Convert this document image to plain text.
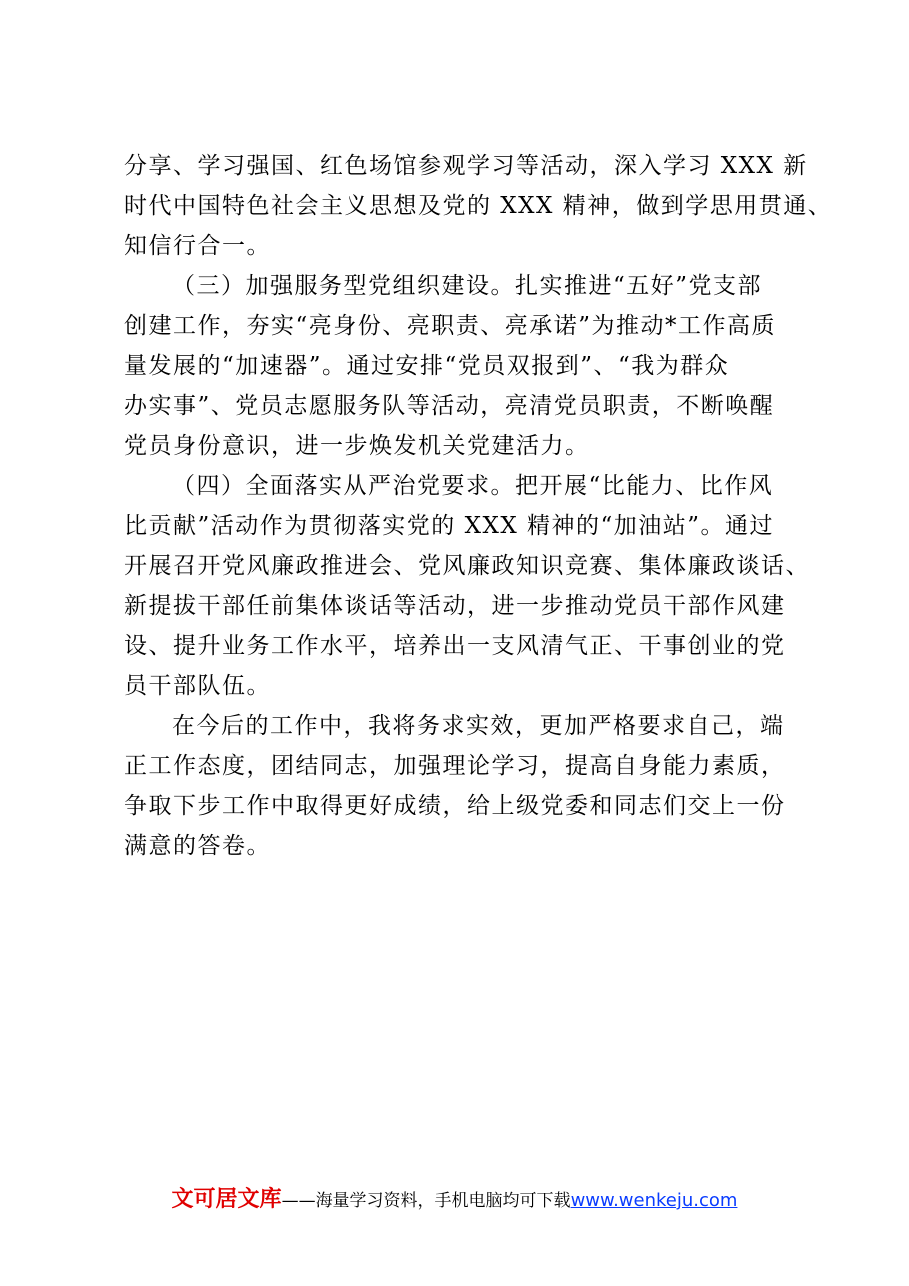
分享、学习强国、红色场馆参观学习等活动，深入学习 XXX 新
时代中国特色社会主义思想及党的 XXX 精神，做到学思用贯通、
知信行合一。
（三）加强服务型党组织建设。扎实推进“五好”党支部
创建工作，夯实“亮身份、亮职责、亮承诺”为推动*工作高质
量发展的“加速器”。通过安排“党员双报到”、“我为群众
办实事”、党员志愿服务队等活动，亮清党员职责，不断唤醒
党员身份意识，进一步焕发机关党建活力。
（四）全面落实从严治党要求。把开展“比能力、比作风
比贡献”活动作为贯彻落实党的 XXX 精神的“加油站”。通过
开展召开党风廉政推进会、党风廉政知识竞赛、集体廉政谈话、
新提拔干部任前集体谈话等活动，进一步推动党员干部作风建
设、提升业务工作水平，培养出一支风清气正、干事创业的党
员干部队伍。
在今后的工作中，我将务求实效，更加严格要求自己，端
正工作态度，团结同志，加强理论学习，提高自身能力素质，
争取下步工作中取得更好成绩，给上级党委和同志们交上一份
满意的答卷。
文可居文库——海量学习资料，手机电脑均可下载www.wenkeju.com
